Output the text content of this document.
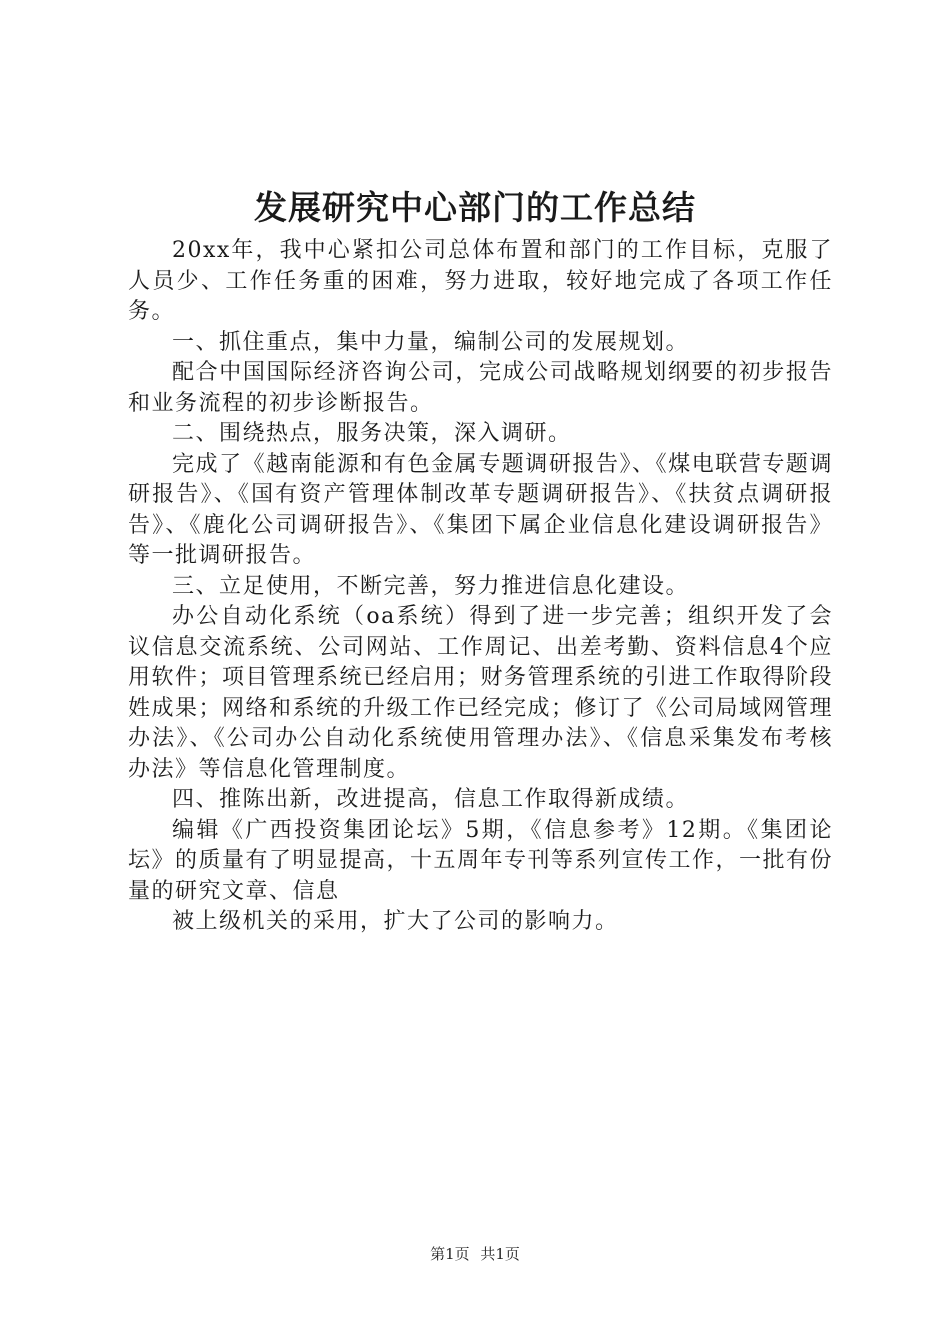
发展研究中心部门的工作总结

20xx年，我中心紧扣公司总体布置和部门的工作目标，克服了人员少、工作任务重的困难，努力进取，较好地完成了各项工作任务。

一、抓住重点，集中力量，编制公司的发展规划。

配合中国国际经济咨询公司，完成公司战略规划纲要的初步报告和业务流程的初步诊断报告。

二、围绕热点，服务决策，深入调研。

完成了《越南能源和有色金属专题调研报告》、《煤电联营专题调研报告》、《国有资产管理体制改革专题调研报告》、《扶贫点调研报告》、《鹿化公司调研报告》、《集团下属企业信息化建设调研报告》等一批调研报告。

三、立足使用，不断完善，努力推进信息化建设。

办公自动化系统（oa系统）得到了进一步完善；组织开发了会议信息交流系统、公司网站、工作周记、出差考勤、资料信息4个应用软件；项目管理系统已经启用；财务管理系统的引进工作取得阶段姓成果；网络和系统的升级工作已经完成；修订了《公司局域网管理办法》、《公司办公自动化系统使用管理办法》、《信息采集发布考核办法》等信息化管理制度。

四、推陈出新，改进提高，信息工作取得新成绩。

编辑《广西投资集团论坛》5期，《信息参考》12期。《集团论坛》的质量有了明显提高，十五周年专刊等系列宣传工作，一批有份量的研究文章、信息

被上级机关的采用，扩大了公司的影响力。

第1页 共1页
